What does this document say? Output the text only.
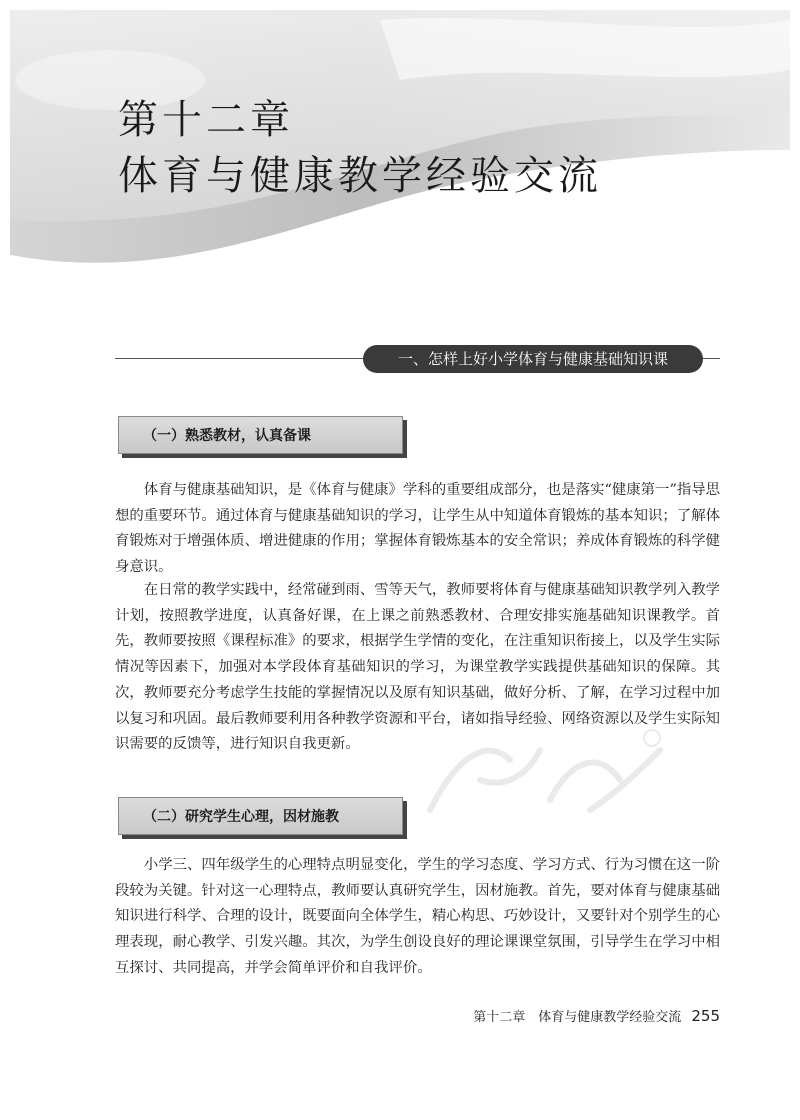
第十二章
体育与健康教学经验交流
一、怎样上好小学体育与健康基础知识课
（一）熟悉教材，认真备课

体育与健康基础知识，是《体育与健康》学科的重要组成部分，也是落实“健康第一”指导思想的重要环节。通过体育与健康基础知识的学习，让学生从中知道体育锻炼的基本知识；了解体育锻炼对于增强体质、增进健康的作用；掌握体育锻炼基本的安全常识；养成体育锻炼的科学健身意识。

在日常的教学实践中，经常碰到雨、雪等天气，教师要将体育与健康基础知识教学列入教学计划，按照教学进度，认真备好课，在上课之前熟悉教材、合理安排实施基础知识课教学。首先，教师要按照《课程标准》的要求，根据学生学情的变化，在注重知识衔接上，以及学生实际情况等因素下，加强对本学段体育基础知识的学习，为课堂教学实践提供基础知识的保障。其次，教师要充分考虑学生技能的掌握情况以及原有知识基础，做好分析、了解，在学习过程中加以复习和巩固。最后教师要利用各种教学资源和平台，诸如指导经验、网络资源以及学生实际知识需要的反馈等，进行知识自我更新。

（二）研究学生心理，因材施教

小学三、四年级学生的心理特点明显变化，学生的学习态度、学习方式、行为习惯在这一阶段较为关键。针对这一心理特点，教师要认真研究学生，因材施教。首先，要对体育与健康基础知识进行科学、合理的设计，既要面向全体学生，精心构思、巧妙设计，又要针对个别学生的心理表现，耐心教学、引发兴趣。其次，为学生创设良好的理论课课堂氛围，引导学生在学习中相互探讨、共同提高，并学会简单评价和自我评价。

第十二章　体育与健康教学经验交流 255
